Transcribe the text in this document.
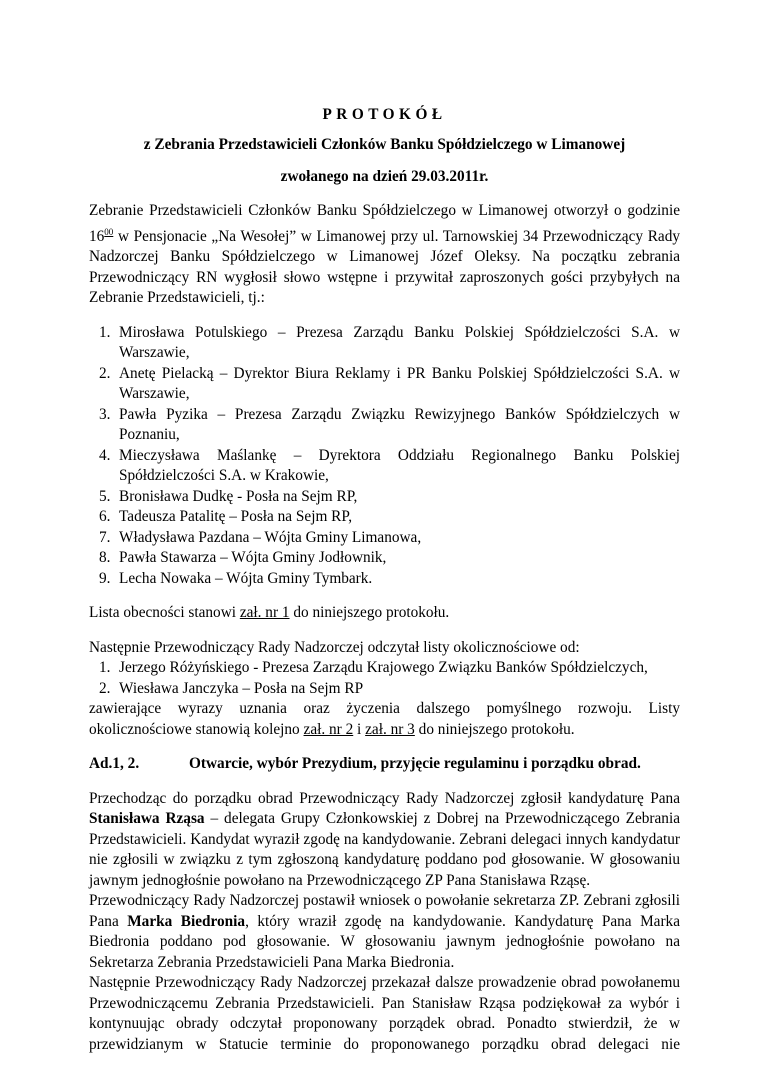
PROTOKÓŁ
z Zebrania Przedstawicieli Członków Banku Spółdzielczego w Limanowej
zwołanego na dzień 29.03.2011r.

Zebranie Przedstawicieli Członków Banku Spółdzielczego w Limanowej otworzył o godzinie $16^{00}$ w Pensjonacie „Na Wesołej” w Limanowej przy ul. Tarnowskiej 34 Przewodniczący Rady Nadzorczej Banku Spółdzielczego w Limanowej Józef Oleksy. Na początku zebrania Przewodniczący RN wygłosił słowo wstępne i przywitał zaproszonych gości przybyłych na Zebranie Przedstawicieli, tj.:

1. Mirosława Potulskiego – Prezesa Zarządu Banku Polskiej Spółdzielczości S.A. w Warszawie,
2. Anetę Pielacką – Dyrektor Biura Reklamy i PR Banku Polskiej Spółdzielczości S.A. w Warszawie,
3. Pawła Pyzika – Prezesa Zarządu Związku Rewizyjnego Banków Spółdzielczych w Poznaniu,
4. Mieczysława Maślankę – Dyrektora Oddziału Regionalnego Banku Polskiej Spółdzielczości S.A. w Krakowie,
5. Bronisława Dudkę - Posła na Sejm RP,
6. Tadeusza Patalitę – Posła na Sejm RP,
7. Władysława Pazdana – Wójta Gminy Limanowa,
8. Pawła Stawarza – Wójta Gminy Jodłownik,
9. Lecha Nowaka – Wójta Gminy Tymbark.

Lista obecności stanowi zał. nr 1 do niniejszego protokołu.

Następnie Przewodniczący Rady Nadzorczej odczytał listy okolicznościowe od:

1. Jerzego Różyńskiego - Prezesa Zarządu Krajowego Związku Banków Spółdzielczych,
2. Wiesława Janczyka – Posła na Sejm RP

zawierające wyrazy uznania oraz życzenia dalszego pomyślnego rozwoju. Listy okolicznościowe stanowią kolejno zał. nr 2 i zał. nr 3 do niniejszego protokołu.

Ad.1, 2.	Otwarcie, wybór Prezydium, przyjęcie regulaminu i porządku obrad.

Przechodząc do porządku obrad Przewodniczący Rady Nadzorczej zgłosił kandydaturę Pana Stanisława Rząsa – delegata Grupy Członkowskiej z Dobrej na Przewodniczącego Zebrania Przedstawicieli. Kandydat wyraził zgodę na kandydowanie. Zebrani delegaci innych kandydatur nie zgłosili w związku z tym zgłoszoną kandydaturę poddano pod głosowanie. W głosowaniu jawnym jednogłośnie powołano na Przewodniczącego ZP Pana Stanisława Rząsę.

Przewodniczący Rady Nadzorczej postawił wniosek o powołanie sekretarza ZP. Zebrani zgłosili Pana Marka Biedronia, który wraził zgodę na kandydowanie. Kandydaturę Pana Marka Biedronia poddano pod głosowanie. W głosowaniu jawnym jednogłośnie powołano na Sekretarza Zebrania Przedstawicieli Pana Marka Biedronia.

Następnie Przewodniczący Rady Nadzorczej przekazał dalsze prowadzenie obrad powołanemu Przewodniczącemu Zebrania Przedstawicieli. Pan Stanisław Rząsa podziękował za wybór i kontynuując obrady odczytał proponowany porządek obrad. Ponadto stwierdził, że w przewidzianym w Statucie terminie do proponowanego porządku obrad delegaci nie
